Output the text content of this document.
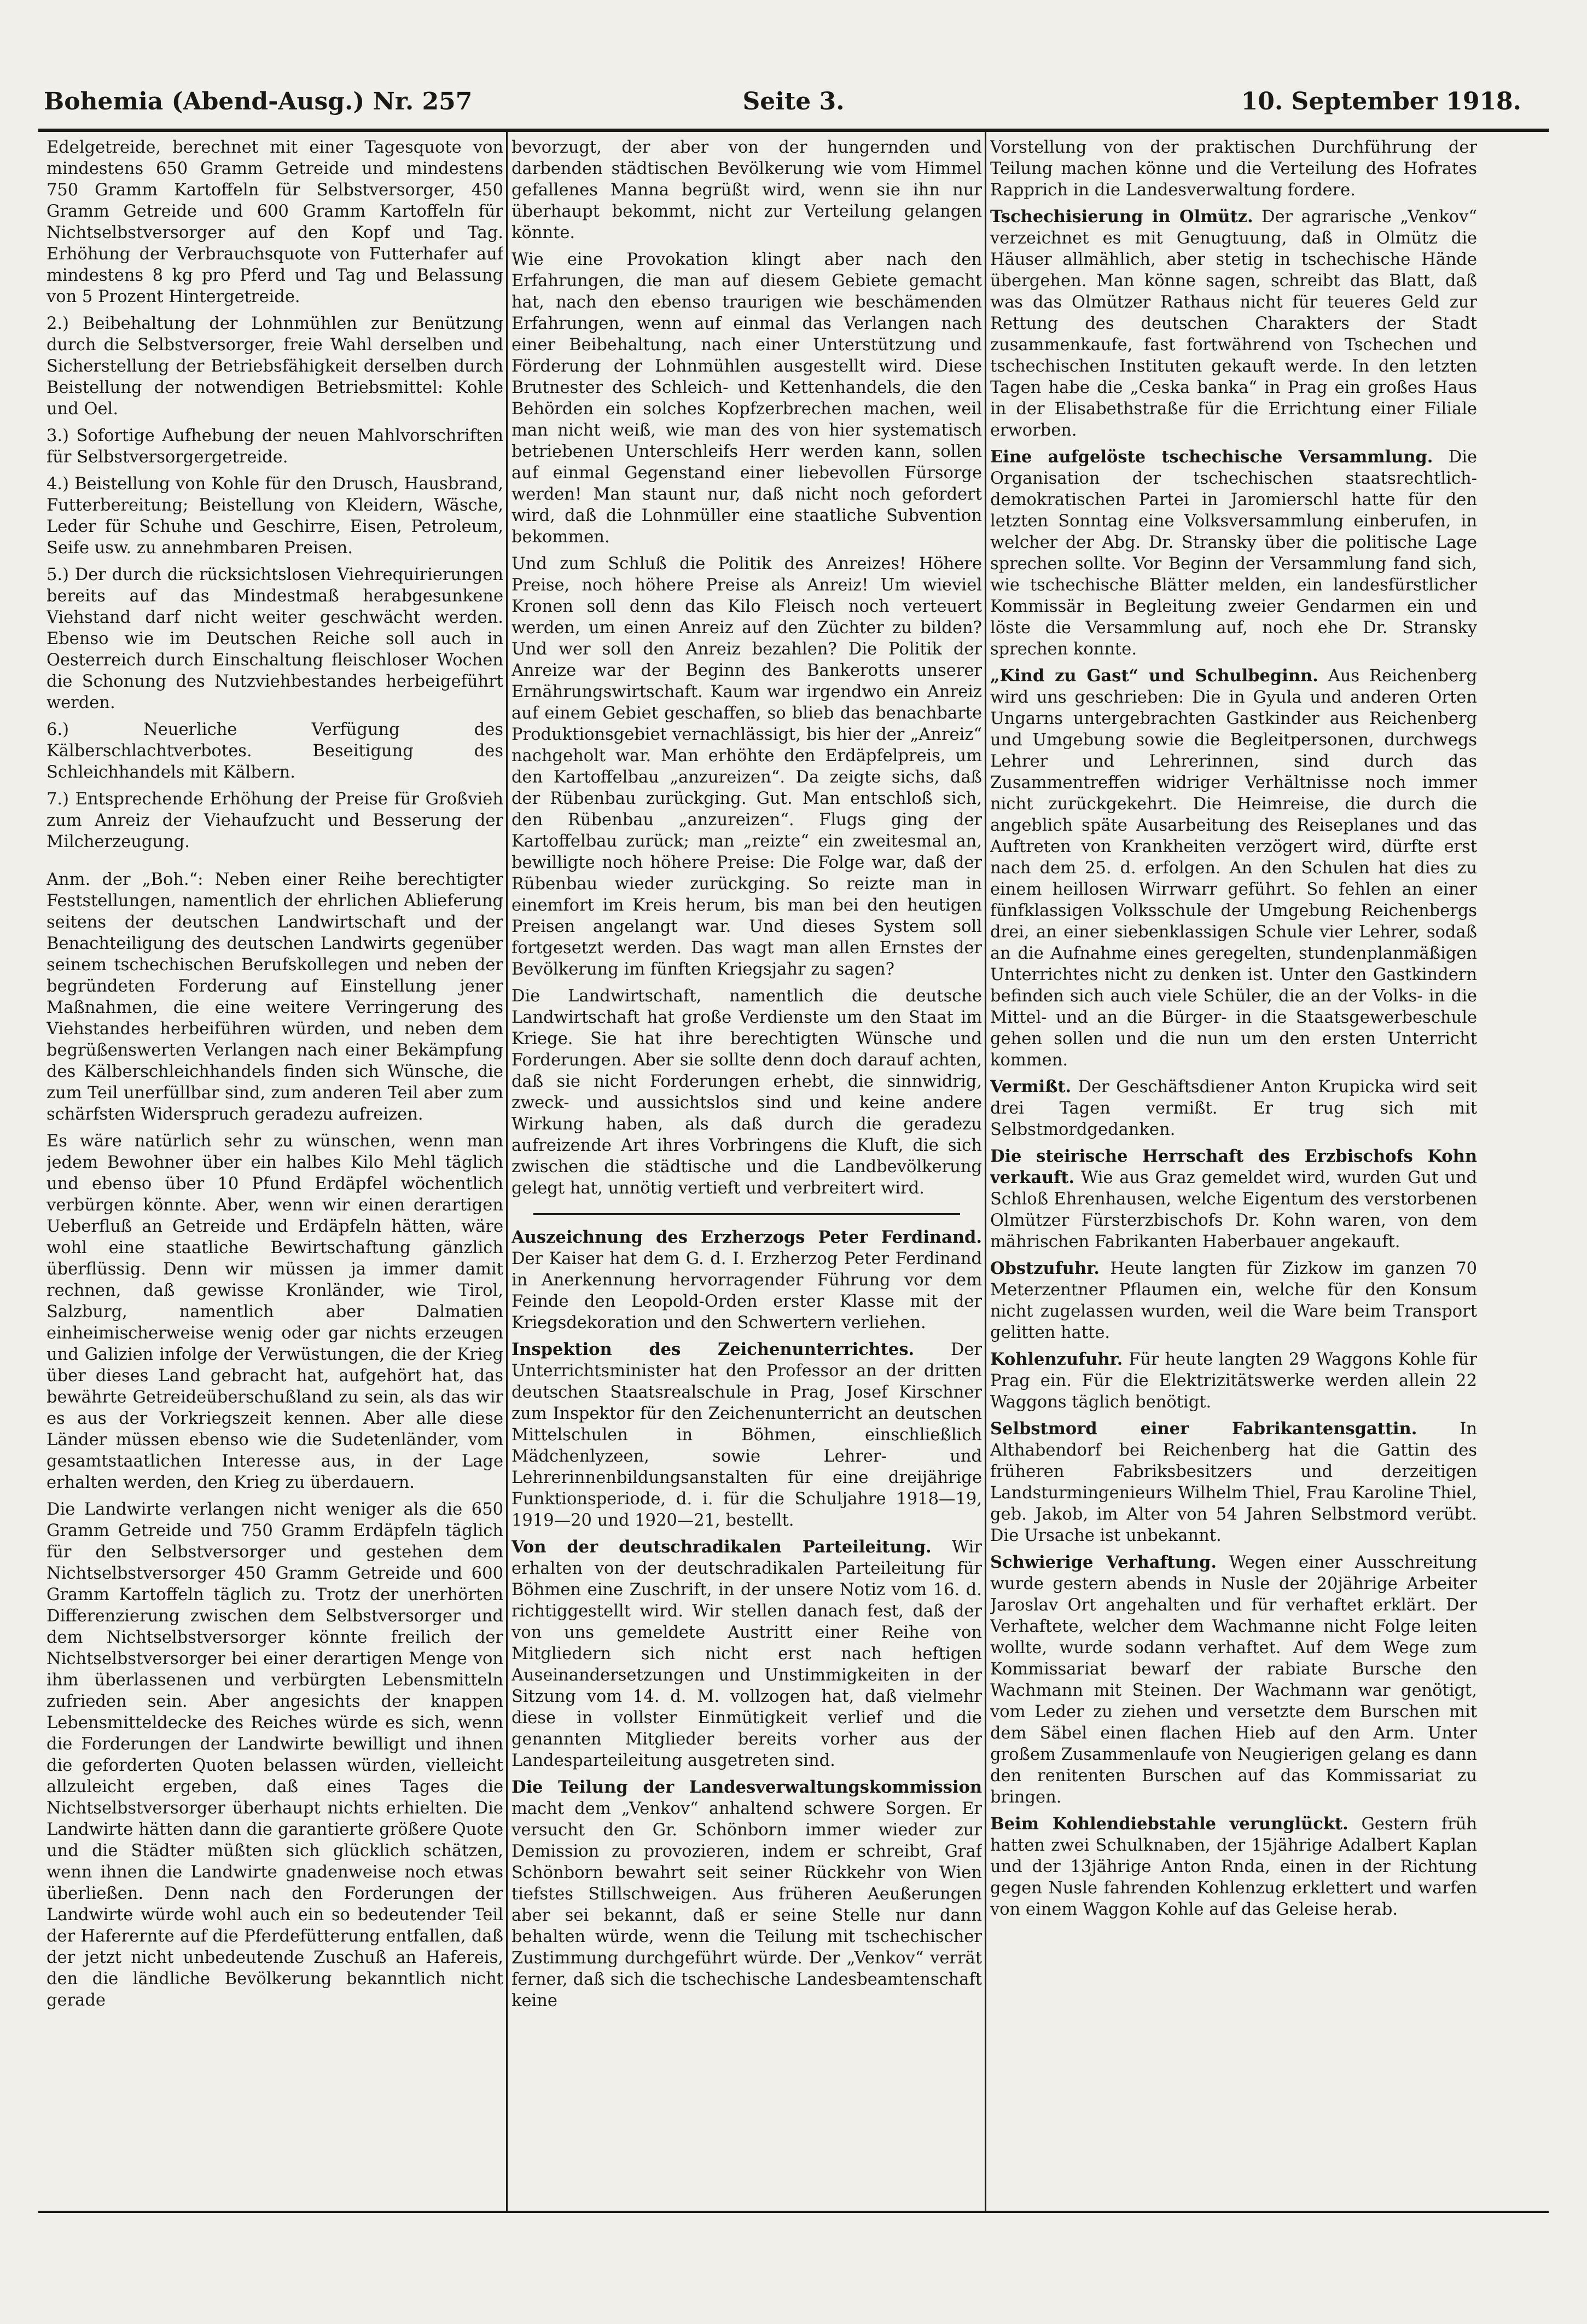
Bohemia (Abend-Ausg.) Nr. 257	Seite 3.	10. September 1918.

Edelgetreide, berechnet mit einer Tagesquote von mindestens 650 Gramm Getreide und mindestens 750 Gramm Kartoffeln für Selbstversorger, 450 Gramm Getreide und 600 Gramm Kartoffeln für Nichtselbstversorger auf den Kopf und Tag. Erhöhung der Verbrauchsquote von Futterhafer auf mindestens 8 kg pro Pferd und Tag und Belassung von 5 Prozent Hintergetreide.

2.) Beibehaltung der Lohnmühlen zur Benützung durch die Selbstversorger, freie Wahl derselben und Sicherstellung der Betriebsfähigkeit derselben durch Beistellung der notwendigen Betriebsmittel: Kohle und Oel.

3.) Sofortige Aufhebung der neuen Mahlvorschriften für Selbstversorgergetreide.

4.) Beistellung von Kohle für den Drusch, Hausbrand, Futterbereitung; Beistellung von Kleidern, Wäsche, Leder für Schuhe und Geschirre, Eisen, Petroleum, Seife usw. zu annehmbaren Preisen.

5.) Der durch die rücksichtslosen Viehrequirierungen bereits auf das Mindestmaß herabgesunkene Viehstand darf nicht weiter geschwächt werden. Ebenso wie im Deutschen Reiche soll auch in Oesterreich durch Einschaltung fleischloser Wochen die Schonung des Nutzviehbestandes herbeigeführt werden.

6.) Neuerliche Verfügung des Kälberschlachtverbotes. Beseitigung des Schleichhandels mit Kälbern.

7.) Entsprechende Erhöhung der Preise für Großvieh zum Anreiz der Viehaufzucht und Besserung der Milcherzeugung.

Anm. der „Boh.“: Neben einer Reihe berechtigter Feststellungen, namentlich der ehrlichen Ablieferung seitens der deutschen Landwirtschaft und der Benachteiligung des deutschen Landwirts gegenüber seinem tschechischen Berufskollegen und neben der begründeten Forderung auf Einstellung jener Maßnahmen, die eine weitere Verringerung des Viehstandes herbeiführen würden, und neben dem begrüßenswerten Verlangen nach einer Bekämpfung des Kälberschleichhandels finden sich Wünsche, die zum Teil unerfüllbar sind, zum anderen Teil aber zum schärfsten Widerspruch geradezu aufreizen.

Es wäre natürlich sehr zu wünschen, wenn man jedem Bewohner über ein halbes Kilo Mehl täglich und ebenso über 10 Pfund Erdäpfel wöchentlich verbürgen könnte. Aber, wenn wir einen derartigen Ueberfluß an Getreide und Erdäpfeln hätten, wäre wohl eine staatliche Bewirtschaftung gänzlich überflüssig. Denn wir müssen ja immer damit rechnen, daß gewisse Kronländer, wie Tirol, Salzburg, namentlich aber Dalmatien einheimischerweise wenig oder gar nichts erzeugen und Galizien infolge der Verwüstungen, die der Krieg über dieses Land gebracht hat, aufgehört hat, das bewährte Getreideüberschußland zu sein, als das wir es aus der Vorkriegszeit kennen. Aber alle diese Länder müssen ebenso wie die Sudetenländer, vom gesamtstaatlichen Interesse aus, in der Lage erhalten werden, den Krieg zu überdauern.

Die Landwirte verlangen nicht weniger als die 650 Gramm Getreide und 750 Gramm Erdäpfeln täglich für den Selbstversorger und gestehen dem Nichtselbstversorger 450 Gramm Getreide und 600 Gramm Kartoffeln täglich zu. Trotz der unerhörten Differenzierung zwischen dem Selbstversorger und dem Nichtselbstversorger könnte freilich der Nichtselbstversorger bei einer derartigen Menge von ihm überlassenen und verbürgten Lebensmitteln zufrieden sein. Aber angesichts der knappen Lebensmitteldecke des Reiches würde es sich, wenn die Forderungen der Landwirte bewilligt und ihnen die geforderten Quoten belassen würden, vielleicht allzuleicht ergeben, daß eines Tages die Nichtselbstversorger überhaupt nichts erhielten. Die Landwirte hätten dann die garantierte größere Quote und die Städter müßten sich glücklich schätzen, wenn ihnen die Landwirte gnadenweise noch etwas überließen. Denn nach den Forderungen der Landwirte würde wohl auch ein so bedeutender Teil der Haferernte auf die Pferdefütterung entfallen, daß der jetzt nicht unbedeutende Zuschuß an Hafereis, den die ländliche Bevölkerung bekanntlich nicht gerade

bevorzugt, der aber von der hungernden und darbenden städtischen Bevölkerung wie vom Himmel gefallenes Manna begrüßt wird, wenn sie ihn nur überhaupt bekommt, nicht zur Verteilung gelangen könnte.

Wie eine Provokation klingt aber nach den Erfahrungen, die man auf diesem Gebiete gemacht hat, nach den ebenso traurigen wie beschämenden Erfahrungen, wenn auf einmal das Verlangen nach einer Beibehaltung, nach einer Unterstützung und Förderung der Lohnmühlen ausgestellt wird. Diese Brutnester des Schleich- und Kettenhandels, die den Behörden ein solches Kopfzerbrechen machen, weil man nicht weiß, wie man des von hier systematisch betriebenen Unterschleifs Herr werden kann, sollen auf einmal Gegenstand einer liebevollen Fürsorge werden! Man staunt nur, daß nicht noch gefordert wird, daß die Lohnmüller eine staatliche Subvention bekommen.

Und zum Schluß die Politik des Anreizes! Höhere Preise, noch höhere Preise als Anreiz! Um wieviel Kronen soll denn das Kilo Fleisch noch verteuert werden, um einen Anreiz auf den Züchter zu bilden? Und wer soll den Anreiz bezahlen? Die Politik der Anreize war der Beginn des Bankerotts unserer Ernährungswirtschaft. Kaum war irgendwo ein Anreiz auf einem Gebiet geschaffen, so blieb das benachbarte Produktionsgebiet vernachlässigt, bis hier der „Anreiz“ nachgeholt war. Man erhöhte den Erdäpfelpreis, um den Kartoffelbau „anzureizen“. Da zeigte sichs, daß der Rübenbau zurückging. Gut. Man entschloß sich, den Rübenbau „anzureizen“. Flugs ging der Kartoffelbau zurück; man „reizte“ ein zweitesmal an, bewilligte noch höhere Preise: Die Folge war, daß der Rübenbau wieder zurückging. So reizte man in einemfort im Kreis herum, bis man bei den heutigen Preisen angelangt war. Und dieses System soll fortgesetzt werden. Das wagt man allen Ernstes der Bevölkerung im fünften Kriegsjahr zu sagen?

Die Landwirtschaft, namentlich die deutsche Landwirtschaft hat große Verdienste um den Staat im Kriege. Sie hat ihre berechtigten Wünsche und Forderungen. Aber sie sollte denn doch darauf achten, daß sie nicht Forderungen erhebt, die sinnwidrig, zweck- und aussichtslos sind und keine andere Wirkung haben, als daß durch die geradezu aufreizende Art ihres Vorbringens die Kluft, die sich zwischen die städtische und die Landbevölkerung gelegt hat, unnötig vertieft und verbreitert wird.

Auszeichnung des Erzherzogs Peter Ferdinand. Der Kaiser hat dem G. d. I. Erzherzog Peter Ferdinand in Anerkennung hervorragender Führung vor dem Feinde den Leopold-Orden erster Klasse mit der Kriegsdekoration und den Schwertern verliehen.

Inspektion des Zeichenunterrichtes. Der Unterrichtsminister hat den Professor an der dritten deutschen Staatsrealschule in Prag, Josef Kirschner zum Inspektor für den Zeichenunterricht an deutschen Mittelschulen in Böhmen, einschließlich Mädchenlyzeen, sowie Lehrer- und Lehrerinnenbildungsanstalten für eine dreijährige Funktionsperiode, d. i. für die Schuljahre 1918—19, 1919—20 und 1920—21, bestellt.

Von der deutschradikalen Parteileitung. Wir erhalten von der deutschradikalen Parteileitung für Böhmen eine Zuschrift, in der unsere Notiz vom 16. d. richtiggestellt wird. Wir stellen danach fest, daß der von uns gemeldete Austritt einer Reihe von Mitgliedern sich nicht erst nach heftigen Auseinandersetzungen und Unstimmigkeiten in der Sitzung vom 14. d. M. vollzogen hat, daß vielmehr diese in vollster Einmütigkeit verlief und die genannten Mitglieder bereits vorher aus der Landesparteileitung ausgetreten sind.

Die Teilung der Landesverwaltungskommission macht dem „Venkov“ anhaltend schwere Sorgen. Er versucht den Gr. Schönborn immer wieder zur Demission zu provozieren, indem er schreibt, Graf Schönborn bewahrt seit seiner Rückkehr von Wien tiefstes Stillschweigen. Aus früheren Aeußerungen aber sei bekannt, daß er seine Stelle nur dann behalten würde, wenn die Teilung mit tschechischer Zustimmung durchgeführt würde. Der „Venkov“ verrät ferner, daß sich die tschechische Landesbeamtenschaft keine

Vorstellung von der praktischen Durchführung der Teilung machen könne und die Verteilung des Hofrates Rapprich in die Landesverwaltung fordere.

Tschechisierung in Olmütz. Der agrarische „Venkov“ verzeichnet es mit Genugtuung, daß in Olmütz die Häuser allmählich, aber stetig in tschechische Hände übergehen. Man könne sagen, schreibt das Blatt, daß was das Olmützer Rathaus nicht für teueres Geld zur Rettung des deutschen Charakters der Stadt zusammenkaufe, fast fortwährend von Tschechen und tschechischen Instituten gekauft werde. In den letzten Tagen habe die „Ceska banka“ in Prag ein großes Haus in der Elisabethstraße für die Errichtung einer Filiale erworben.

Eine aufgelöste tschechische Versammlung. Die Organisation der tschechischen staatsrechtlich-demokratischen Partei in Jaromierschl hatte für den letzten Sonntag eine Volksversammlung einberufen, in welcher der Abg. Dr. Stransky über die politische Lage sprechen sollte. Vor Beginn der Versammlung fand sich, wie tschechische Blätter melden, ein landesfürstlicher Kommissär in Begleitung zweier Gendarmen ein und löste die Versammlung auf, noch ehe Dr. Stransky sprechen konnte.

„Kind zu Gast“ und Schulbeginn. Aus Reichenberg wird uns geschrieben: Die in Gyula und anderen Orten Ungarns untergebrachten Gastkinder aus Reichenberg und Umgebung sowie die Begleitpersonen, durchwegs Lehrer und Lehrerinnen, sind durch das Zusammentreffen widriger Verhältnisse noch immer nicht zurückgekehrt. Die Heimreise, die durch die angeblich späte Ausarbeitung des Reiseplanes und das Auftreten von Krankheiten verzögert wird, dürfte erst nach dem 25. d. erfolgen. An den Schulen hat dies zu einem heillosen Wirrwarr geführt. So fehlen an einer fünfklassigen Volksschule der Umgebung Reichenbergs drei, an einer siebenklassigen Schule vier Lehrer, sodaß an die Aufnahme eines geregelten, stundenplanmäßigen Unterrichtes nicht zu denken ist. Unter den Gastkindern befinden sich auch viele Schüler, die an der Volks- in die Mittel- und an die Bürger- in die Staatsgewerbeschule gehen sollen und die nun um den ersten Unterricht kommen.

Vermißt. Der Geschäftsdiener Anton Krupicka wird seit drei Tagen vermißt. Er trug sich mit Selbstmordgedanken.

Die steirische Herrschaft des Erzbischofs Kohn verkauft. Wie aus Graz gemeldet wird, wurden Gut und Schloß Ehrenhausen, welche Eigentum des verstorbenen Olmützer Fürsterzbischofs Dr. Kohn waren, von dem mährischen Fabrikanten Haberbauer angekauft.

Obstzufuhr. Heute langten für Zizkow im ganzen 70 Meterzentner Pflaumen ein, welche für den Konsum nicht zugelassen wurden, weil die Ware beim Transport gelitten hatte.

Kohlenzufuhr. Für heute langten 29 Waggons Kohle für Prag ein. Für die Elektrizitätswerke werden allein 22 Waggons täglich benötigt.

Selbstmord einer Fabrikantensgattin.	In Althabendorf bei Reichenberg hat die Gattin des früheren Fabriksbesitzers und derzeitigen Landsturmingenieurs Wilhelm Thiel, Frau Karoline Thiel, geb. Jakob, im Alter von 54 Jahren Selbstmord verübt. Die Ursache ist unbekannt.

Schwierige Verhaftung. Wegen einer Ausschreitung wurde gestern abends in Nusle der 20jährige Arbeiter Jaroslav Ort angehalten und für verhaftet erklärt. Der Verhaftete, welcher dem Wachmanne nicht Folge leiten wollte, wurde sodann verhaftet. Auf dem Wege zum Kommissariat bewarf der rabiate Bursche den Wachmann mit Steinen. Der Wachmann war genötigt, vom Leder zu ziehen und versetzte dem Burschen mit dem Säbel einen flachen Hieb auf den Arm. Unter großem Zusammenlaufe von Neugierigen gelang es dann den renitenten Burschen auf das Kommissariat zu bringen.

Beim Kohlendiebstahle verunglückt. Gestern früh hatten zwei Schulknaben, der 15jährige Adalbert Kaplan und der 13jährige Anton Rnda, einen in der Richtung gegen Nusle fahrenden Kohlenzug erklettert und warfen von einem Waggon Kohle auf das Geleise herab.
